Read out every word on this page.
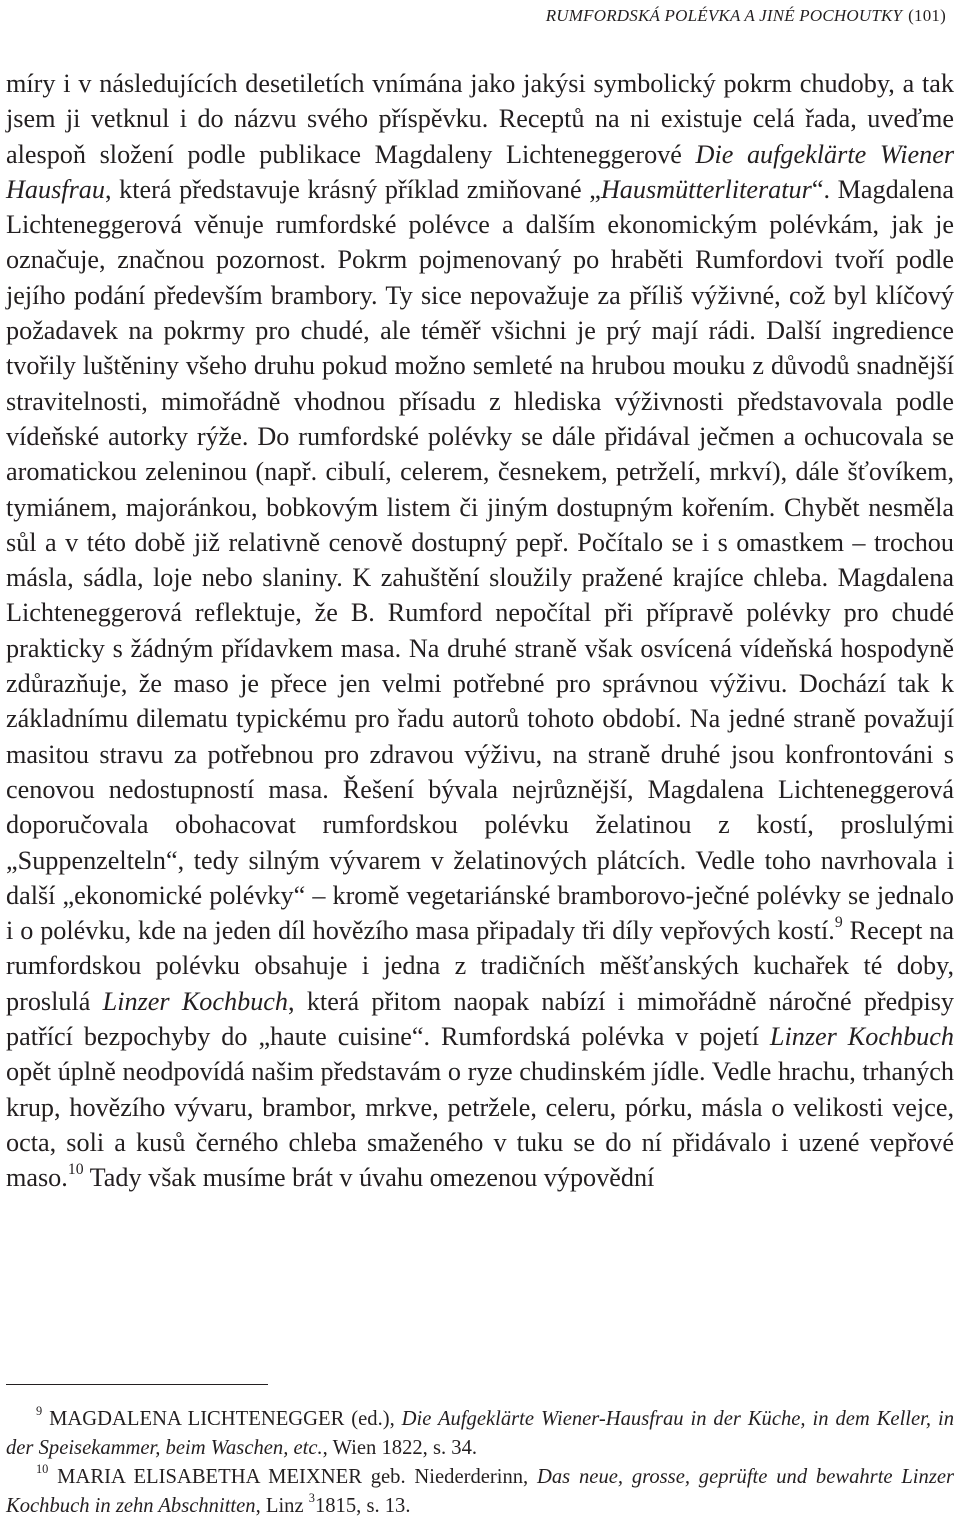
RUMFORDSKÁ POLÉVKA A JINÉ POCHOUTKY (101)

míry i v následujících desetiletích vnímána jako jakýsi symbolický pokrm chudoby, a tak jsem ji vetknul i do názvu svého příspěvku. Receptů na ni existuje celá řada, uveďme alespoň složení podle publikace Magdaleny Lichteneggerové Die aufgeklärte Wiener Hausfrau, která představuje krásný příklad zmiňované „Hausmütterliteratur“. Magdalena Lichteneggerová věnuje rumfordské polévce a dalším ekonomickým polévkám, jak je označuje, značnou pozornost. Pokrm pojmenovaný po hraběti Rumfordovi tvoří podle jejího podání především brambory. Ty sice nepovažuje za příliš výživné, což byl klíčový požadavek na pokrmy pro chudé, ale téměř všichni je prý mají rádi. Další ingredience tvořily luštěniny všeho druhu pokud možno semleté na hrubou mouku z důvodů snadnější stravitelnosti, mimořádně vhodnou přísadu z hlediska výživnosti představovala podle vídeňské autorky rýže. Do rumfordské polévky se dále přidával ječmen a ochucovala se aromatickou zeleninou (např. cibulí, celerem, česnekem, petrželí, mrkví), dále šťovíkem, tymiánem, majoránkou, bobkovým listem či jiným dostupným kořením. Chybět nesměla sůl a v této době již relativně cenově dostupný pepř. Počítalo se i s omastkem – trochou másla, sádla, loje nebo slaniny. K zahuštění sloužily pražené krajíce chleba. Magdalena Lichteneggerová reflektuje, že B. Rumford nepočítal při přípravě polévky pro chudé prakticky s žádným přídavkem masa. Na druhé straně však osvícená vídeňská hospodyně zdůrazňuje, že maso je přece jen velmi potřebné pro správnou výživu. Dochází tak k základnímu dilematu typickému pro řadu autorů tohoto období. Na jedné straně považují masitou stravu za potřebnou pro zdravou výživu, na straně druhé jsou konfrontováni s cenovou nedostupností masa. Řešení bývala nejrůznější, Magdalena Lichteneggerová doporučovala obohacovat rumfordskou polévku želatinou z kostí, proslulými „Suppenzelteln“, tedy silným vývarem v želatinových plátcích. Vedle toho navrhovala i další „ekonomické polévky“ – kromě vegetariánské bramborovo-ječné polévky se jednalo i o polévku, kde na jeden díl hovězího masa připadaly tři díly vepřových kostí.$^9$ Recept na rumfordskou polévku obsahuje i jedna z tradičních měšťanských kuchařek té doby, proslulá Linzer Kochbuch, která přitom naopak nabízí i mimořádně náročné předpisy patřící bezpochyby do „haute cuisine“. Rumfordská polévka v pojetí Linzer Kochbuch opět úplně neodpovídá našim představám o ryze chudinském jídle. Vedle hrachu, trhaných krup, hovězího vývaru, brambor, mrkve, petržele, celeru, pórku, másla o velikosti vejce, octa, soli a kusů černého chleba smaženého v tuku se do ní přidávalo i uzené vepřové maso.$^{10}$ Tady však musíme brát v úvahu omezenou výpovědní

$^9$ MAGDALENA LICHTENEGGER (ed.), Die Aufgeklärte Wiener-Hausfrau in der Küche, in dem Keller, in der Speisekammer, beim Waschen, etc., Wien 1822, s. 34.

$^{10}$ MARIA ELISABETHA MEIXNER geb. Niederderinn, Das neue, grosse, geprüfte und bewahrte Linzer Kochbuch in zehn Abschnitten, Linz $^3$1815, s. 13.
